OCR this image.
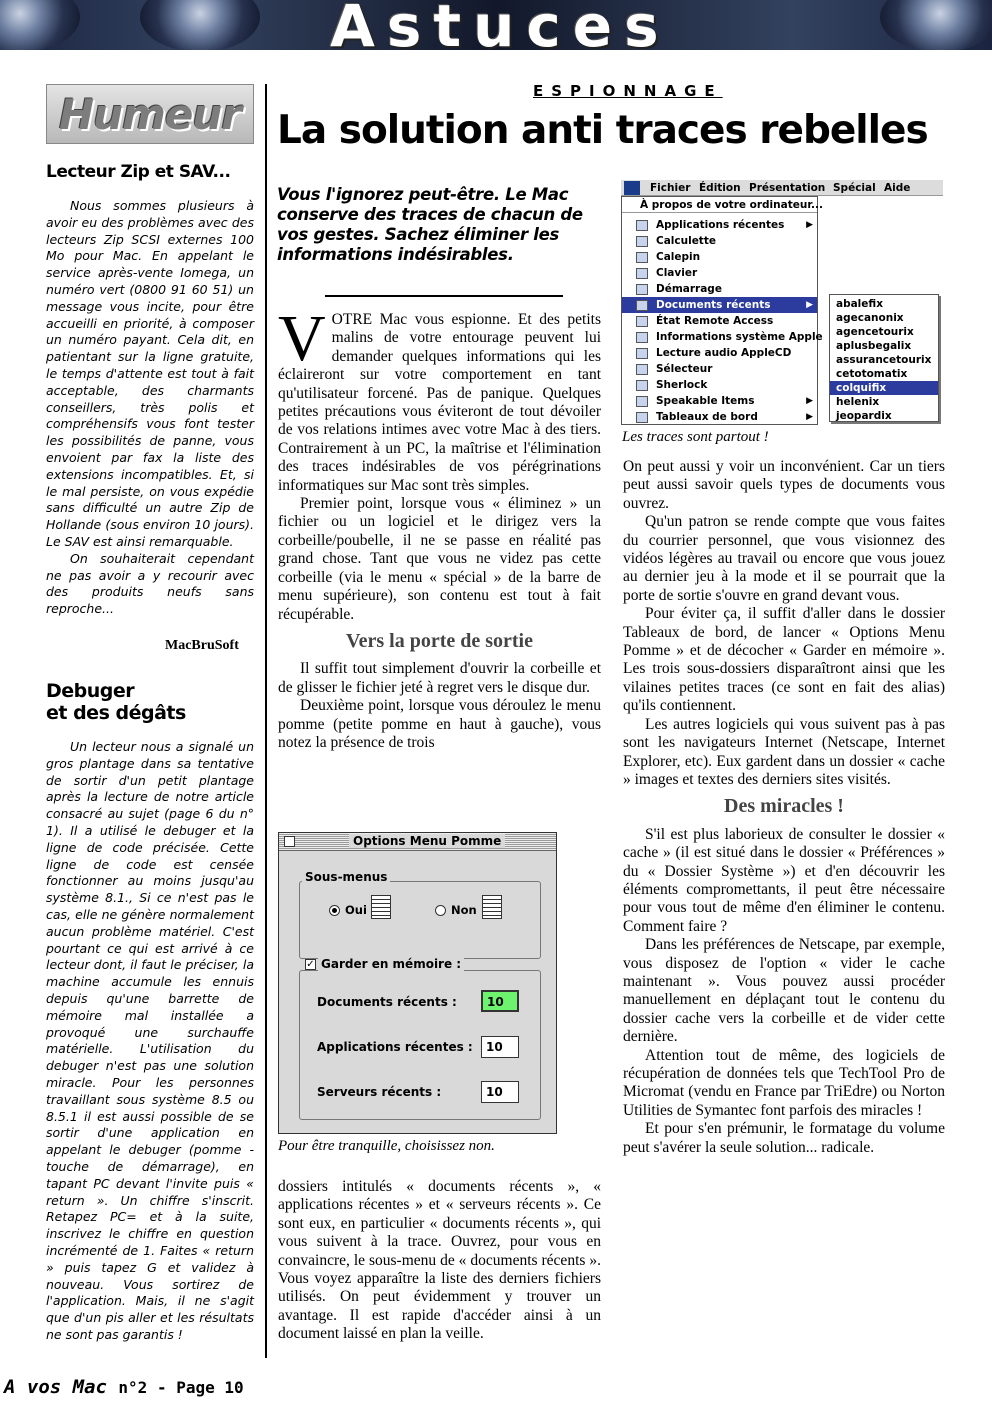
Astuces
Humeur
Lecteur Zip et SAV...

Nous sommes plusieurs à avoir eu des problèmes avec des lecteurs Zip SCSI externes 100 Mo pour Mac. En appelant le service après-vente Iomega, un numéro vert (0800 91 60 51) un message vous incite, pour être accueilli en priorité, à composer un numéro payant. Cela dit, en patientant sur la ligne gratuite, le temps d'attente est tout à fait acceptable, des charmants conseillers, très polis et compréhensifs vous font tester les possibilités de panne, vous envoient par fax la liste des extensions incompatibles. Et, si le mal persiste, on vous expédie sans difficulté un autre Zip de Hollande (sous environ 10 jours). Le SAV est ainsi remarquable.

On souhaiterait cependant ne pas avoir a y recourir avec des produits neufs sans reproche...

MacBruSoft
Debuger
et des dégâts

Un lecteur nous a signalé un gros plantage dans sa tentative de sortir d'un petit plantage après la lecture de notre article consacré au sujet (page 6 du n° 1). Il a utilisé le debuger et la ligne de code précisée. Cette ligne de code est censée fonctionner au moins jusqu'au système 8.1., Si ce n'est pas le cas, elle ne génère normalement aucun problème matériel. C'est pourtant ce qui est arrivé à ce lecteur dont, il faut le préciser, la machine accumule les ennuis depuis qu'une barrette de mémoire mal installée a provoqué une surchauffe matérielle. L'utilisation du debuger n'est pas une solution miracle. Pour les personnes travaillant sous système 8.5 ou 8.5.1 il est aussi possible de se sortir d'une application en appelant le debuger (pomme - touche de démarrage), en tapant PC devant l'invite puis « return ». Un chiffre s'inscrit. Retapez PC= et à la suite, inscrivez le chiffre en question incrémenté de 1. Faites « return » puis tapez G et validez à nouveau. Vous sortirez de l'application. Mais, il ne s'agit que d'un pis aller et les résultats ne sont pas garantis !

ESPIONNAGE
La solution anti traces rebelles
Vous l'ignorez peut-être. Le Mac conserve des traces de chacun de vos gestes. Sachez éliminer les informations indésirables.

VOTRE Mac vous espionne. Et des petits malins de votre entourage peuvent lui demander quelques informations qui les éclaireront sur votre comportement en tant qu'utilisateur forcené. Pas de panique. Quelques petites précautions vous éviteront de tout dévoiler de vos relations intimes avec votre Mac à des tiers. Contrairement à un PC, la maîtrise et l'élimination des traces indésirables de vos pérégrinations informatiques sur Mac sont très simples.

Premier point, lorsque vous « éliminez » un fichier ou un logiciel et le dirigez vers la corbeille/poubelle, il ne se passe en réalité pas grand chose. Tant que vous ne videz pas cette corbeille (via le menu « spécial » de la barre de menu supérieure), son contenu est tout à fait récupérable.

Vers la porte de sortie

Il suffit tout simplement d'ouvrir la corbeille et de glisser le fichier jeté à regret vers le disque dur.

Deuxième point, lorsque vous déroulez le menu pomme (petite pomme en haut à gauche), vous notez la présence de trois

Options Menu Pomme
Sous-menus
Oui	Non
✓ Garder en mémoire :
Documents récents :	10
Applications récentes :	10
Serveurs récents :	10
Pour être tranquille, choisissez non.

dossiers intitulés « documents récents », « applications récentes » et « serveurs récents ». Ce sont eux, en particulier « documents récents », qui vous suivent à la trace. Ouvrez, pour vous en convaincre, le sous-menu de « documents récents ». Vous voyez apparaître la liste des derniers fichiers utilisés. On peut évidemment y trouver un avantage. Il est rapide d'accéder ainsi à un document laissé en plan la veille.

Fichier Édition Présentation Spécial Aide
À propos de votre ordinateur...
Applications récentes ▶
Calculette
Calepin
Clavier
Démarrage
Documents récents	▶
État Remote Access
Informations système Apple
Lecture audio AppleCD
Sélecteur
Sherlock
Speakable Items	▶
Tableaux de bord	▶
abalefix
agecanonix
agencetourix
aplusbegalix
assurancetourix
cetotomatix
colquifix
helenix
jeopardix
Les traces sont partout !

On peut aussi y voir un inconvénient. Car un tiers peut aussi savoir quels types de documents vous ouvrez.

Qu'un patron se rende compte que vous faites du courrier personnel, que vous visionnez des vidéos légères au travail ou encore que vous jouez au dernier jeu à la mode et il se pourrait que la porte de sortie s'ouvre en grand devant vous.

Pour éviter ça, il suffit d'aller dans le dossier Tableaux de bord, de lancer « Options Menu Pomme » et de décocher « Garder en mémoire ». Les trois sous-dossiers disparaîtront ainsi que les vilaines petites traces (ce sont en fait des alias) qu'ils contiennent.

Les autres logiciels qui vous suivent pas à pas sont les navigateurs Internet (Netscape, Internet Explorer, etc). Eux gardent dans un dossier « cache » images et textes des derniers sites visités.

Des miracles !

S'il est plus laborieux de consulter le dossier « cache » (il est situé dans le dossier « Préférences » du « Dossier Système ») et d'en découvrir les éléments compromettants, il peut être nécessaire pour vous tout de même d'en éliminer le contenu. Comment faire ?

Dans les préférences de Netscape, par exemple, vous disposez de l'option « vider le cache maintenant ». Vous pouvez aussi procéder manuellement en déplaçant tout le contenu du dossier cache vers la corbeille et de vider cette dernière.

Attention tout de même, des logiciels de récupération de données tels que TechTool Pro de Micromat (vendu en France par TriEdre) ou Norton Utilities de Symantec font parfois des miracles !

Et pour s'en prémunir, le formatage du volume peut s'avérer la seule solution... radicale.

A vos Mac n°2 - Page 10
